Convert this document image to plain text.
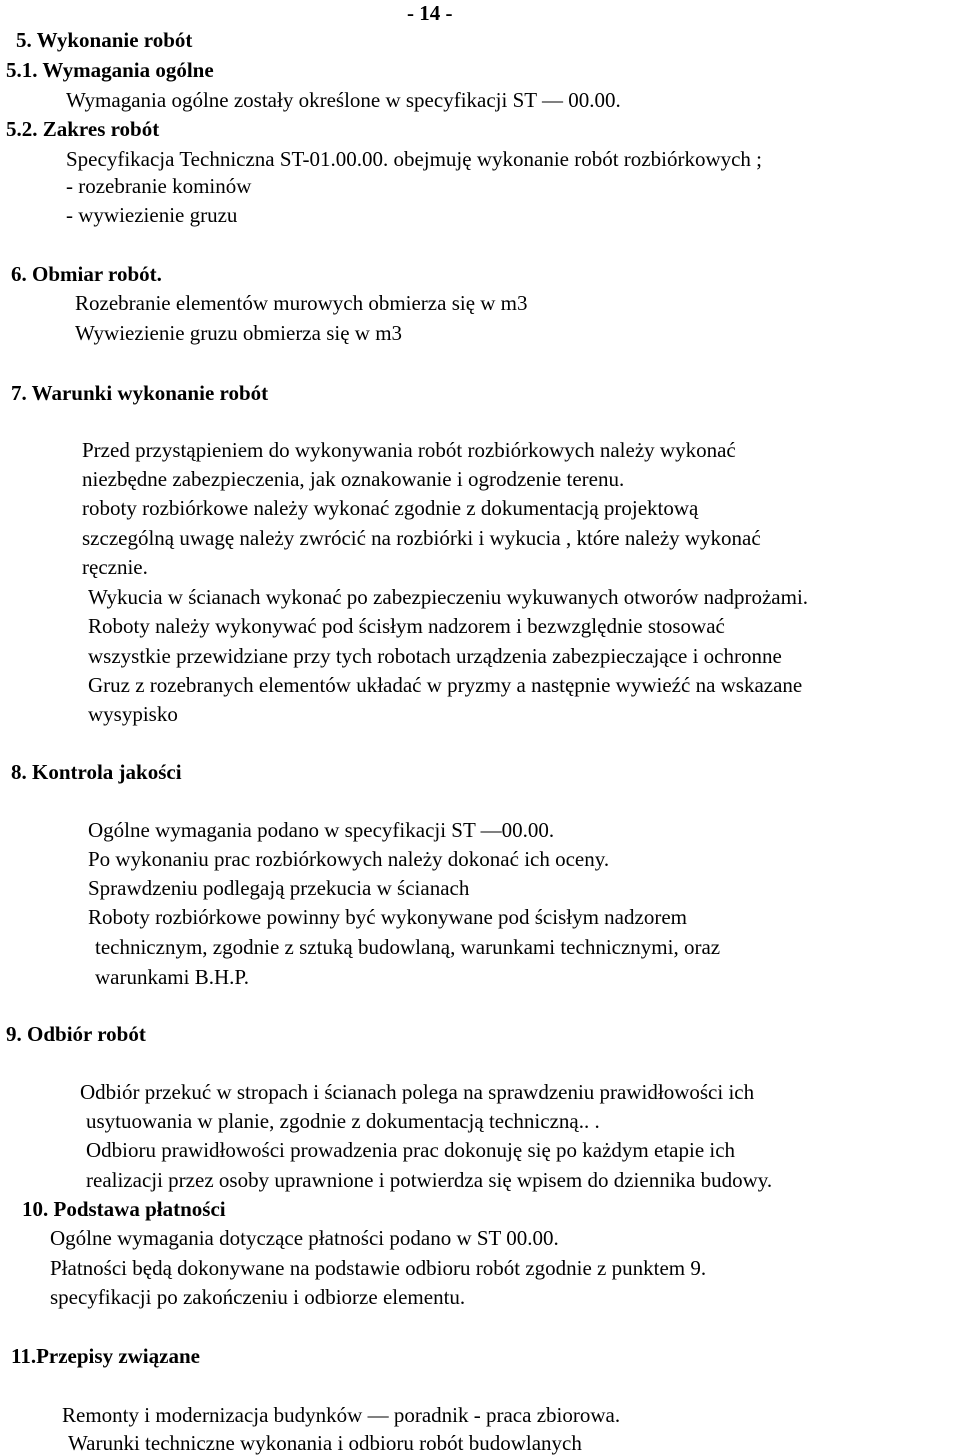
- 14 -
5. Wykonanie robót
5.1. Wymagania ogólne
Wymagania ogólne zostały określone w specyfikacji ST — 00.00.
5.2. Zakres robót
Specyfikacja Techniczna ST-01.00.00. obejmuję wykonanie robót rozbiórkowych ;
- rozebranie kominów
- wywiezienie gruzu
6. Obmiar robót.
Rozebranie elementów murowych obmierza się w m3
Wywiezienie gruzu obmierza się w m3
7. Warunki wykonanie robót
Przed przystąpieniem do wykonywania robót rozbiórkowych należy wykonać
niezbędne zabezpieczenia, jak oznakowanie i ogrodzenie terenu.
roboty rozbiórkowe należy wykonać zgodnie z dokumentacją projektową
szczególną uwagę należy zwrócić na rozbiórki i wykucia , które należy wykonać
ręcznie.
Wykucia w ścianach wykonać po zabezpieczeniu wykuwanych otworów nadprożami.
Roboty należy wykonywać pod ścisłym nadzorem i bezwzględnie stosować
wszystkie przewidziane przy tych robotach urządzenia zabezpieczające i ochronne
Gruz z rozebranych elementów układać w pryzmy a następnie wywieźć na wskazane
wysypisko
8. Kontrola jakości
Ogólne wymagania podano w specyfikacji ST —00.00.
Po wykonaniu prac rozbiórkowych należy dokonać ich oceny.
Sprawdzeniu podlegają przekucia w ścianach
Roboty rozbiórkowe powinny być wykonywane pod ścisłym nadzorem
technicznym, zgodnie z sztuką budowlaną, warunkami technicznymi, oraz
warunkami B.H.P.
9. Odbiór robót
Odbiór przekuć w stropach i ścianach polega na sprawdzeniu prawidłowości ich
usytuowania w planie, zgodnie z dokumentacją techniczną.. .
Odbioru prawidłowości prowadzenia prac dokonuję się po każdym etapie ich
realizacji przez osoby uprawnione i potwierdza się wpisem do dziennika budowy.
10. Podstawa płatności
Ogólne wymagania dotyczące płatności podano w ST 00.00.
Płatności będą dokonywane na podstawie odbioru robót zgodnie z punktem 9.
specyfikacji po zakończeniu i odbiorze elementu.
11.Przepisy związane
Remonty i modernizacja budynków — poradnik - praca zbiorowa.
Warunki techniczne wykonania i odbioru robót budowlanych
